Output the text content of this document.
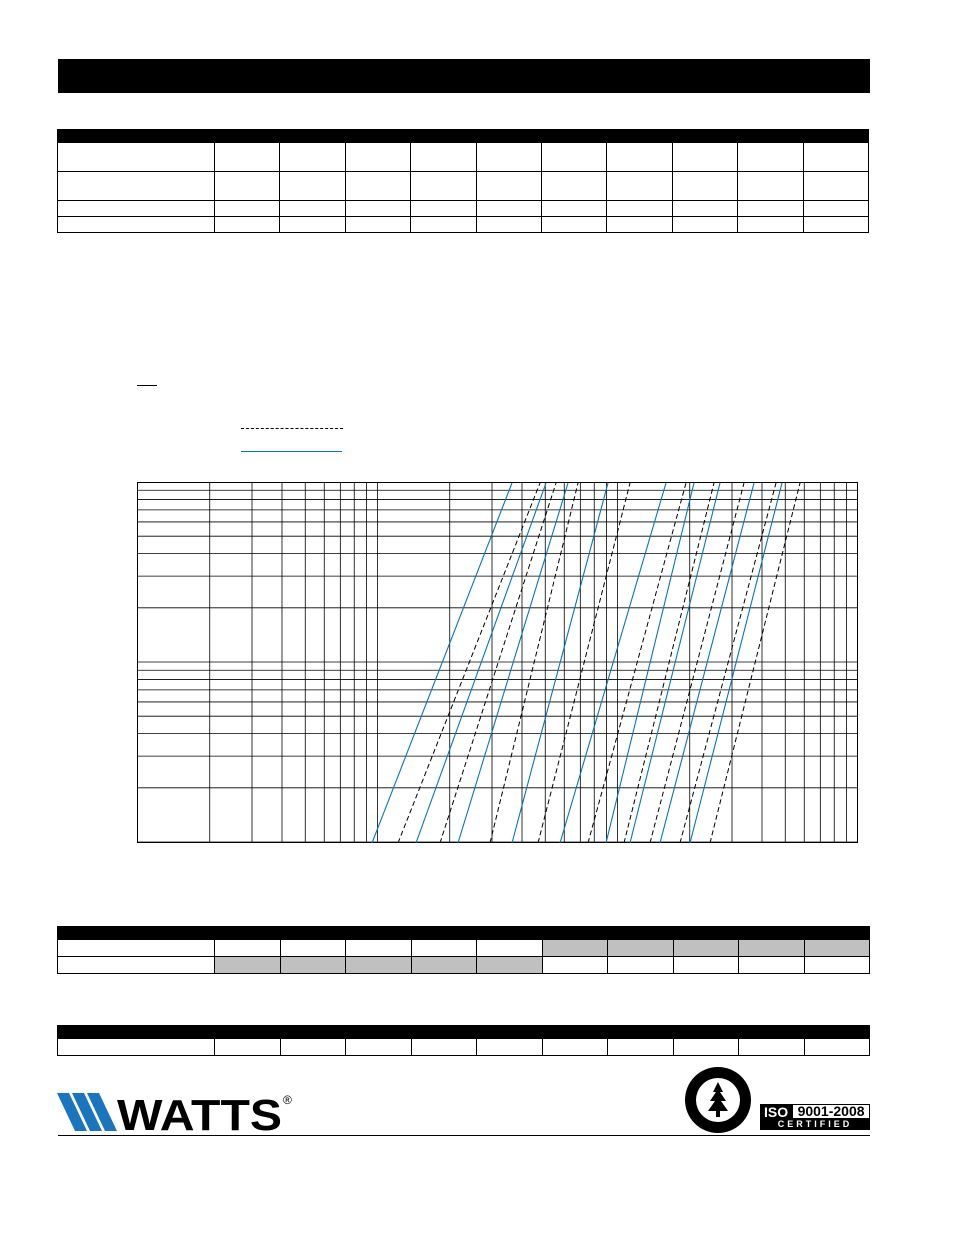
WATTS ®
ISO 9001-2008
CERTIFIED
